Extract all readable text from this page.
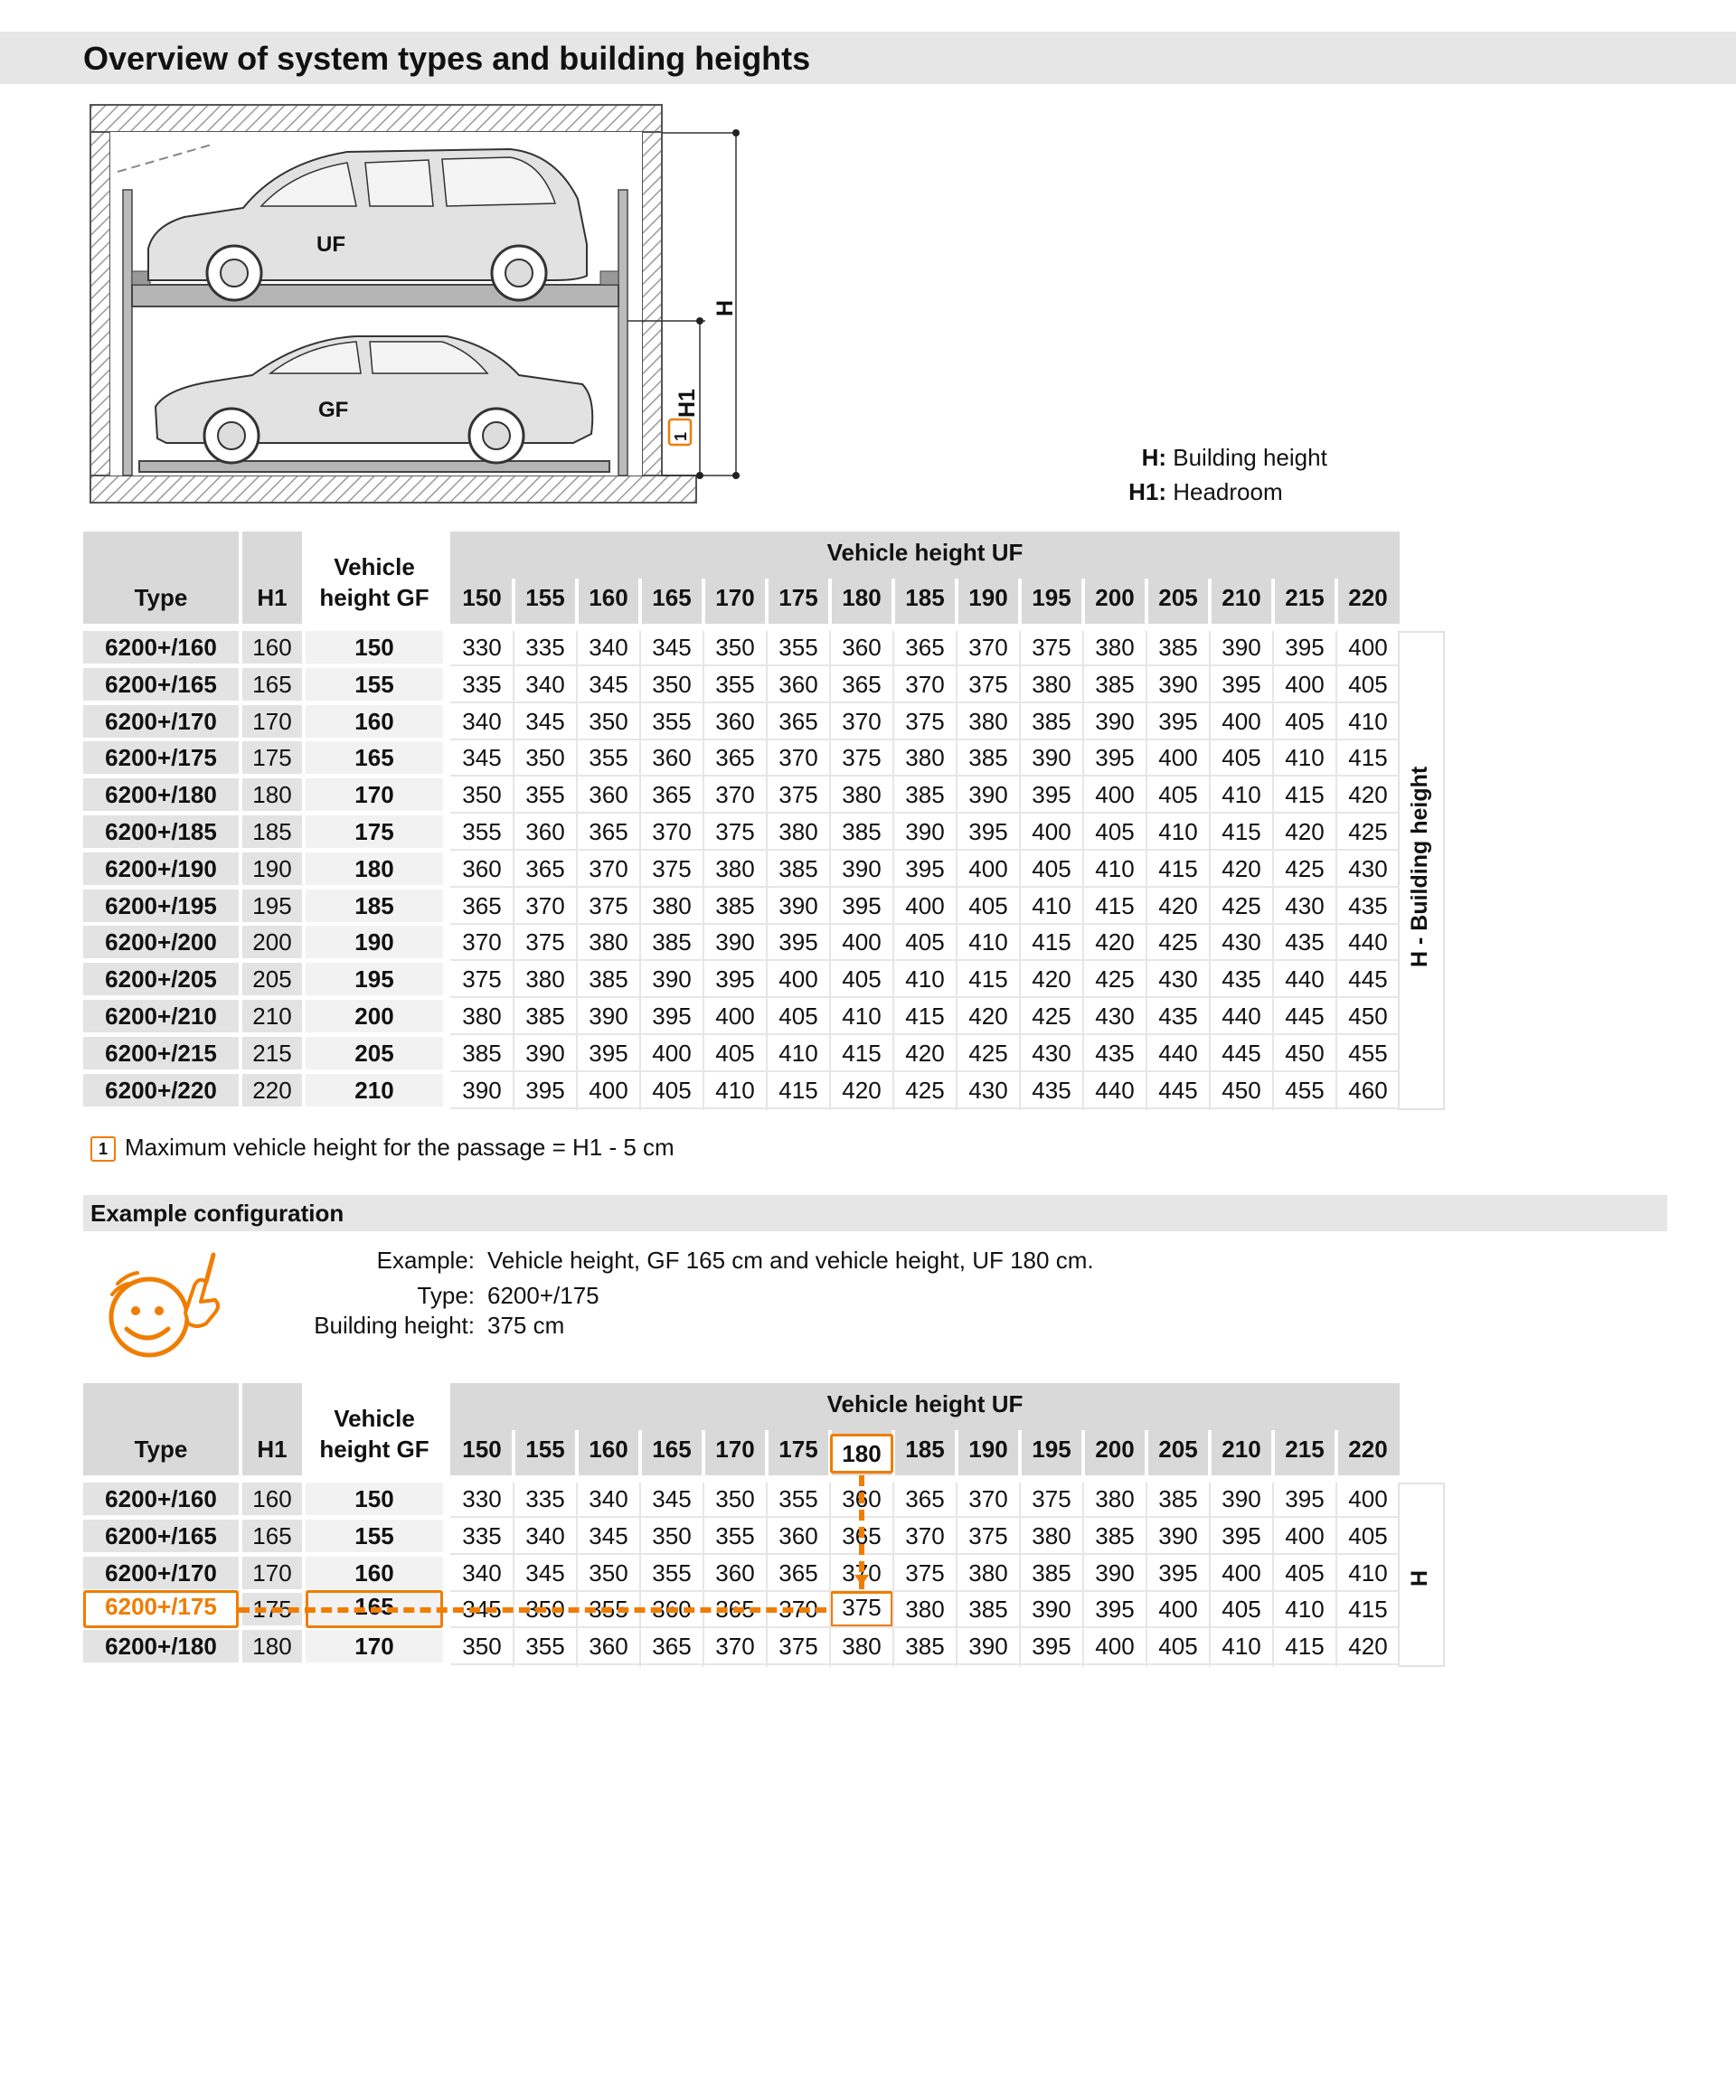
Overview of system types and building heights
UF
GF
H
H1
1
H: Building height
H1: Headroom
Type	H1
Vehicle
height GF
Vehicle height UF
150	155	160	165	170	175	180	185	190	195	200	205	210	215	220
6200+/160	160	150	330	335	340	345	350	355	360	365	370	375	380	385	390	395	400
6200+/165	165	155	335	340	345	350	355	360	365	370	375	380	385	390	395	400	405
6200+/170	170	160	340	345	350	355	360	365	370	375	380	385	390	395	400	405	410
6200+/175	175	165	345	350	355	360	365	370	375	380	385	390	395	400	405	410	415
6200+/180	180	170	350	355	360	365	370	375	380	385	390	395	400	405	410	415	420
6200+/185	185	175	355	360	365	370	375	380	385	390	395	400	405	410	415	420	425
6200+/190	190	180	360	365	370	375	380	385	390	395	400	405	410	415	420	425	430
6200+/195	195	185	365	370	375	380	385	390	395	400	405	410	415	420	425	430	435
6200+/200	200	190	370	375	380	385	390	395	400	405	410	415	420	425	430	435	440
6200+/205	205	195	375	380	385	390	395	400	405	410	415	420	425	430	435	440	445
6200+/210	210	200	380	385	390	395	400	405	410	415	420	425	430	435	440	445	450
6200+/215	215	205	385	390	395	400	405	410	415	420	425	430	435	440	445	450	455
6200+/220	220	210	390	395	400	405	410	415	420	425	430	435	440	445	450	455	460
H - Building height
1 Maximum vehicle height for the passage = H1 - 5 cm
Example configuration
Example: Vehicle height, GF 165 cm and vehicle height, UF 180 cm.
Type: 6200+/175
Building height: 375 cm
Type	H1
Vehicle
height GF
Vehicle height UF
150	155	160	165	170	175	180	185	190	195	200	205	210	215	220
6200+/160	160	150	330	335	340	345	350	355	360	365	370	375	380	385	390	395	400
6200+/165	165	155	335	340	345	350	355	360	365	370	375	380	385	390	395	400	405
6200+/170	170	160	340	345	350	355	360	365	370	375	380	385	390	395	400	405	410
6200+/175	175	165	345	350	355	360	365	370	375	380	385	390	395	400	405	410	415
6200+/180	180	170	350	355	360	365	370	375	380	385	390	395	400	405	410	415	420
H
